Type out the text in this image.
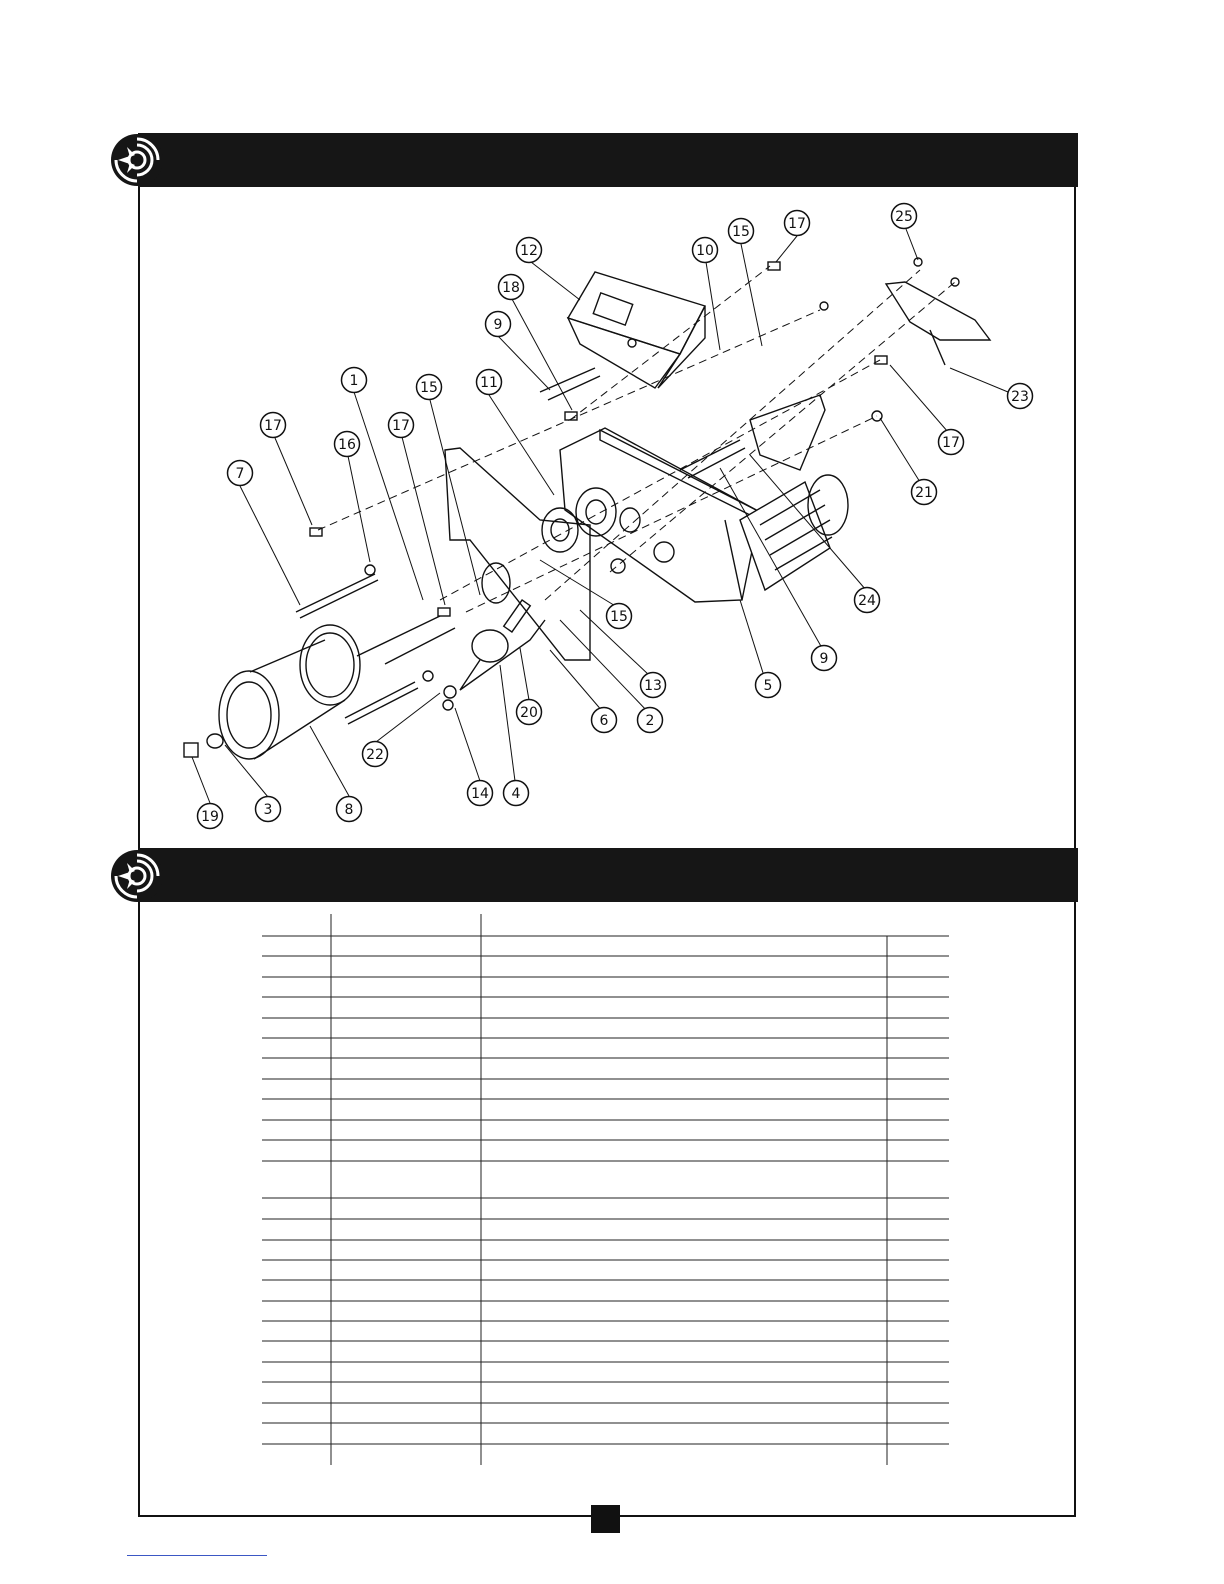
1
2
3
4
5
6
7
8
9
9
10
11
12
13
14
15
15
15
16
17	17
17
17
18
19
20
21
22
23
24
25
